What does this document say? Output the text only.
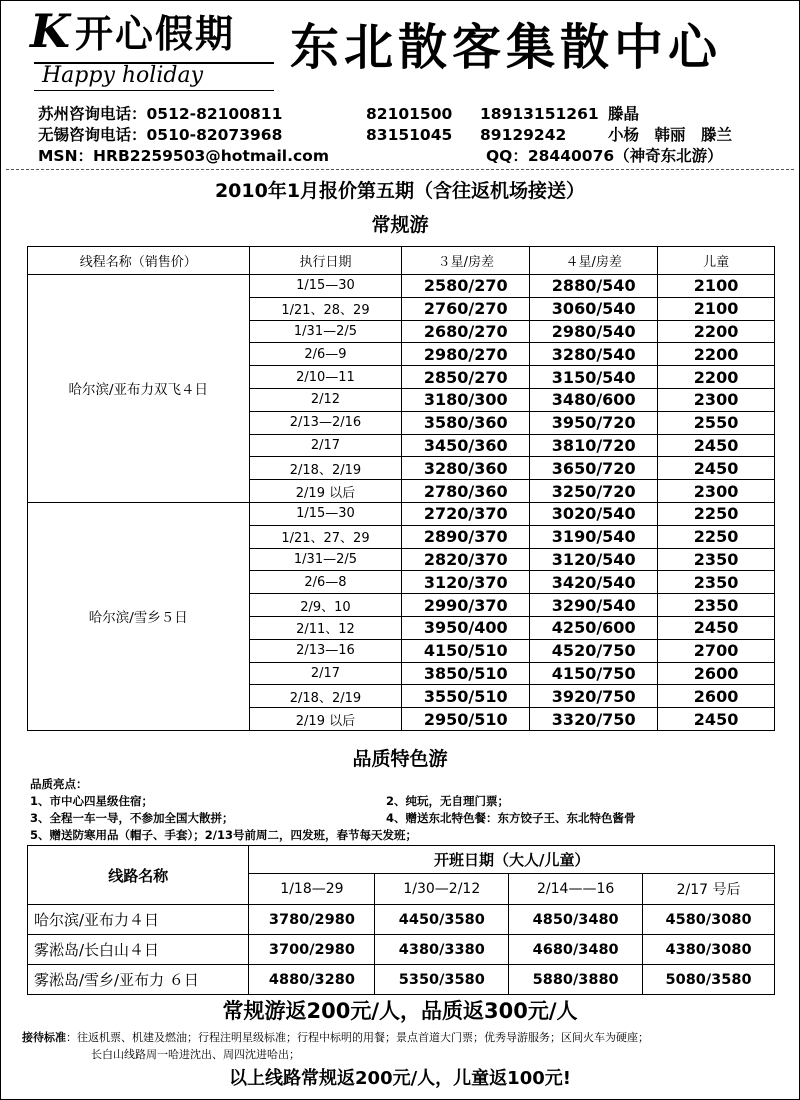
K 开心假期
Happy holiday 东北散客集散中心
苏州咨询电话：0512-82100811	82101500 18913151261 滕晶
无锡咨询电话：0510-82073968	83151045 89129242	小杨　韩丽　滕兰
MSN：HRB2259503@hotmail.com	QQ：28440076（神奇东北游）
2010年1月报价第五期（含往返机场接送）
常规游
线程名称（销售价）	执行日期	３星/房差	４星/房差	儿童
哈尔滨/亚布力双飞４日	1/15—30	2580/270	2880/540	2100
	1/21、28、29	2760/270	3060/540	2100
	1/31—2/5	2680/270	2980/540	2200
	2/6—9	2980/270	3280/540	2200
	2/10—11	2850/270	3150/540	2200
	2/12	3180/300	3480/600	2300
	2/13—2/16	3580/360	3950/720	2550
	2/17	3450/360	3810/720	2450
	2/18、2/19	3280/360	3650/720	2450
	2/19 以后	2780/360	3250/720	2300
哈尔滨/雪乡５日	1/15—30	2720/370	3020/540	2250
	1/21、27、29	2890/370	3190/540	2250
	1/31—2/5	2820/370	3120/540	2350
	2/6—8	3120/370	3420/540	2350
	2/9、10	2990/370	3290/540	2350
	2/11、12	3950/400	4250/600	2450
	2/13—16	4150/510	4520/750	2700
	2/17	3850/510	4150/750	2600
	2/18、2/19	3550/510	3920/750	2600
	2/19 以后	2950/510	3320/750	2450
品质特色游
品质亮点：
1、市中心四星级住宿；	2、纯玩，无自理门票；
3、全程一车一导，不参加全国大散拼；	4、赠送东北特色餐：东方饺子王、东北特色酱骨
5、赠送防寒用品（帽子、手套）；2/13号前周二，四发班，春节每天发班；
线路名称	开班日期（大人/儿童）			
	1/18—29	1/30—2/12	2/14——16	2/17 号后
哈尔滨/亚布力４日	3780/2980	4450/3580	4850/3480	4580/3080
雾淞岛/长白山４日	3700/2980	4380/3380	4680/3480	4380/3080
雾淞岛/雪乡/亚布力 ６日	4880/3280	5350/3580	5880/3880	5080/3580
常规游返200元/人，品质返300元/人
接待标准：往返机票、机建及燃油；行程注明星级标准；行程中标明的用餐；景点首道大门票；优秀导游服务；区间火车为硬座；
长白山线路周一哈进沈出、周四沈进哈出；
以上线路常规返200元/人，儿童返100元!
